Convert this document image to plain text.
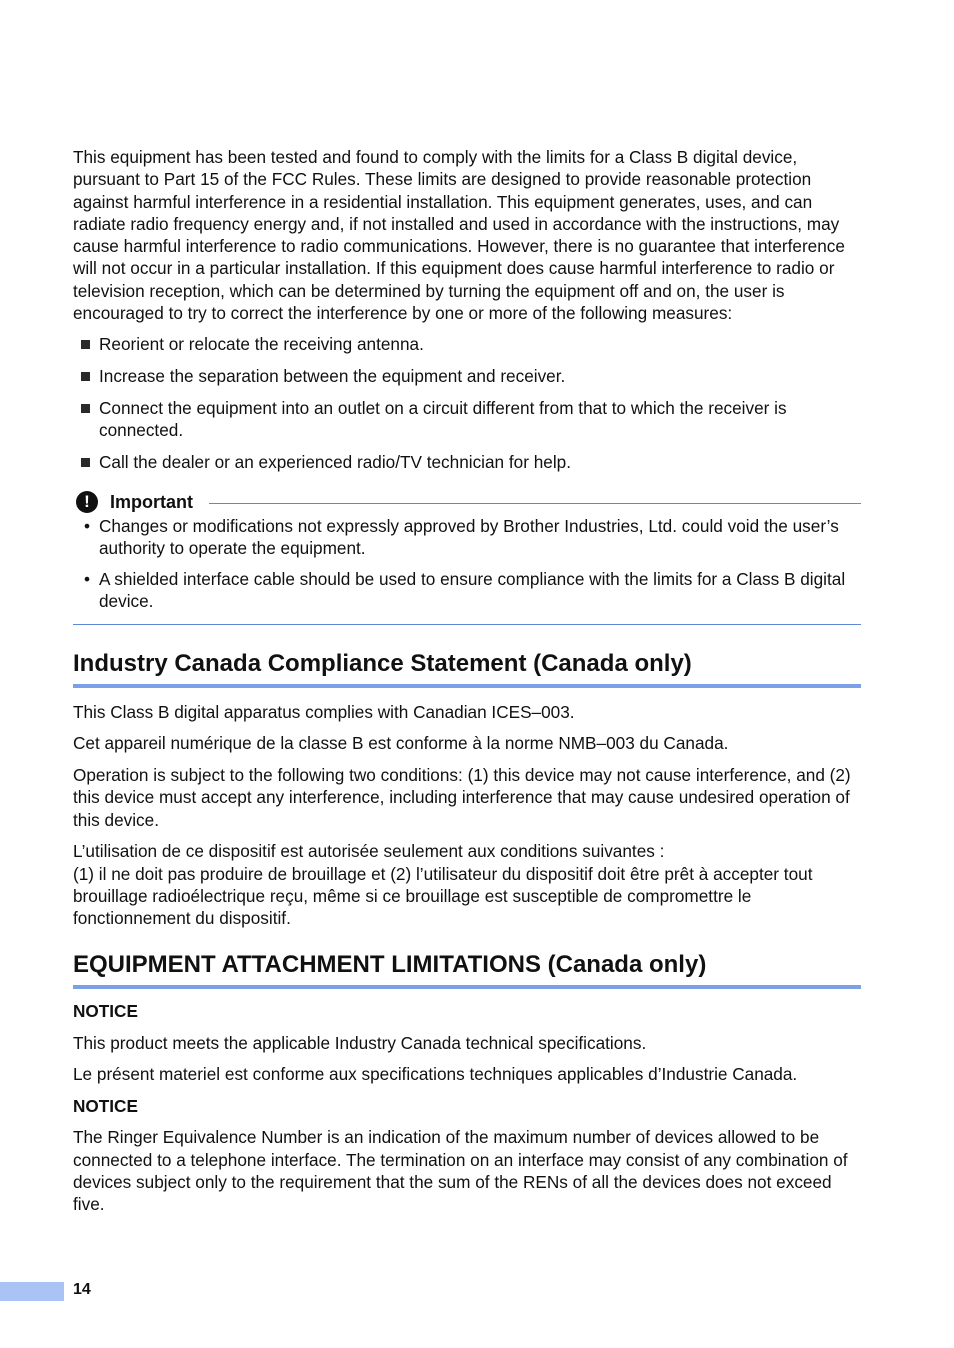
This equipment has been tested and found to comply with the limits for a Class B digital device, pursuant to Part 15 of the FCC Rules. These limits are designed to provide reasonable protection against harmful interference in a residential installation. This equipment generates, uses, and can radiate radio frequency energy and, if not installed and used in accordance with the instructions, may cause harmful interference to radio communications. However, there is no guarantee that interference will not occur in a particular installation. If this equipment does cause harmful interference to radio or television reception, which can be determined by turning the equipment off and on, the user is encouraged to try to correct the interference by one or more of the following measures:

Reorient or relocate the receiving antenna.
Increase the separation between the equipment and receiver.
Connect the equipment into an outlet on a circuit different from that to which the receiver is connected.
Call the dealer or an experienced radio/TV technician for help.
!	Important
• Changes or modifications not expressly approved by Brother Industries, Ltd. could void the user’s authority to operate the equipment.
• A shielded interface cable should be used to ensure compliance with the limits for a Class B digital device.
Industry Canada Compliance Statement (Canada only)

This Class B digital apparatus complies with Canadian ICES–003.

Cet appareil numérique de la classe B est conforme à la norme NMB–003 du Canada.

Operation is subject to the following two conditions: (1) this device may not cause interference, and (2) this device must accept any interference, including interference that may cause undesired operation of this device.

L’utilisation de ce dispositif est autorisée seulement aux conditions suivantes :

(1) il ne doit pas produire de brouillage et (2) l’utilisateur du dispositif doit être prêt à accepter tout brouillage radioélectrique reçu, même si ce brouillage est susceptible de compromettre le fonctionnement du dispositif.

EQUIPMENT ATTACHMENT LIMITATIONS (Canada only)
NOTICE

This product meets the applicable Industry Canada technical specifications.

Le présent materiel est conforme aux specifications techniques applicables d’Industrie Canada.

NOTICE

The Ringer Equivalence Number is an indication of the maximum number of devices allowed to be connected to a telephone interface. The termination on an interface may consist of any combination of devices subject only to the requirement that the sum of the RENs of all the devices does not exceed five.

14
